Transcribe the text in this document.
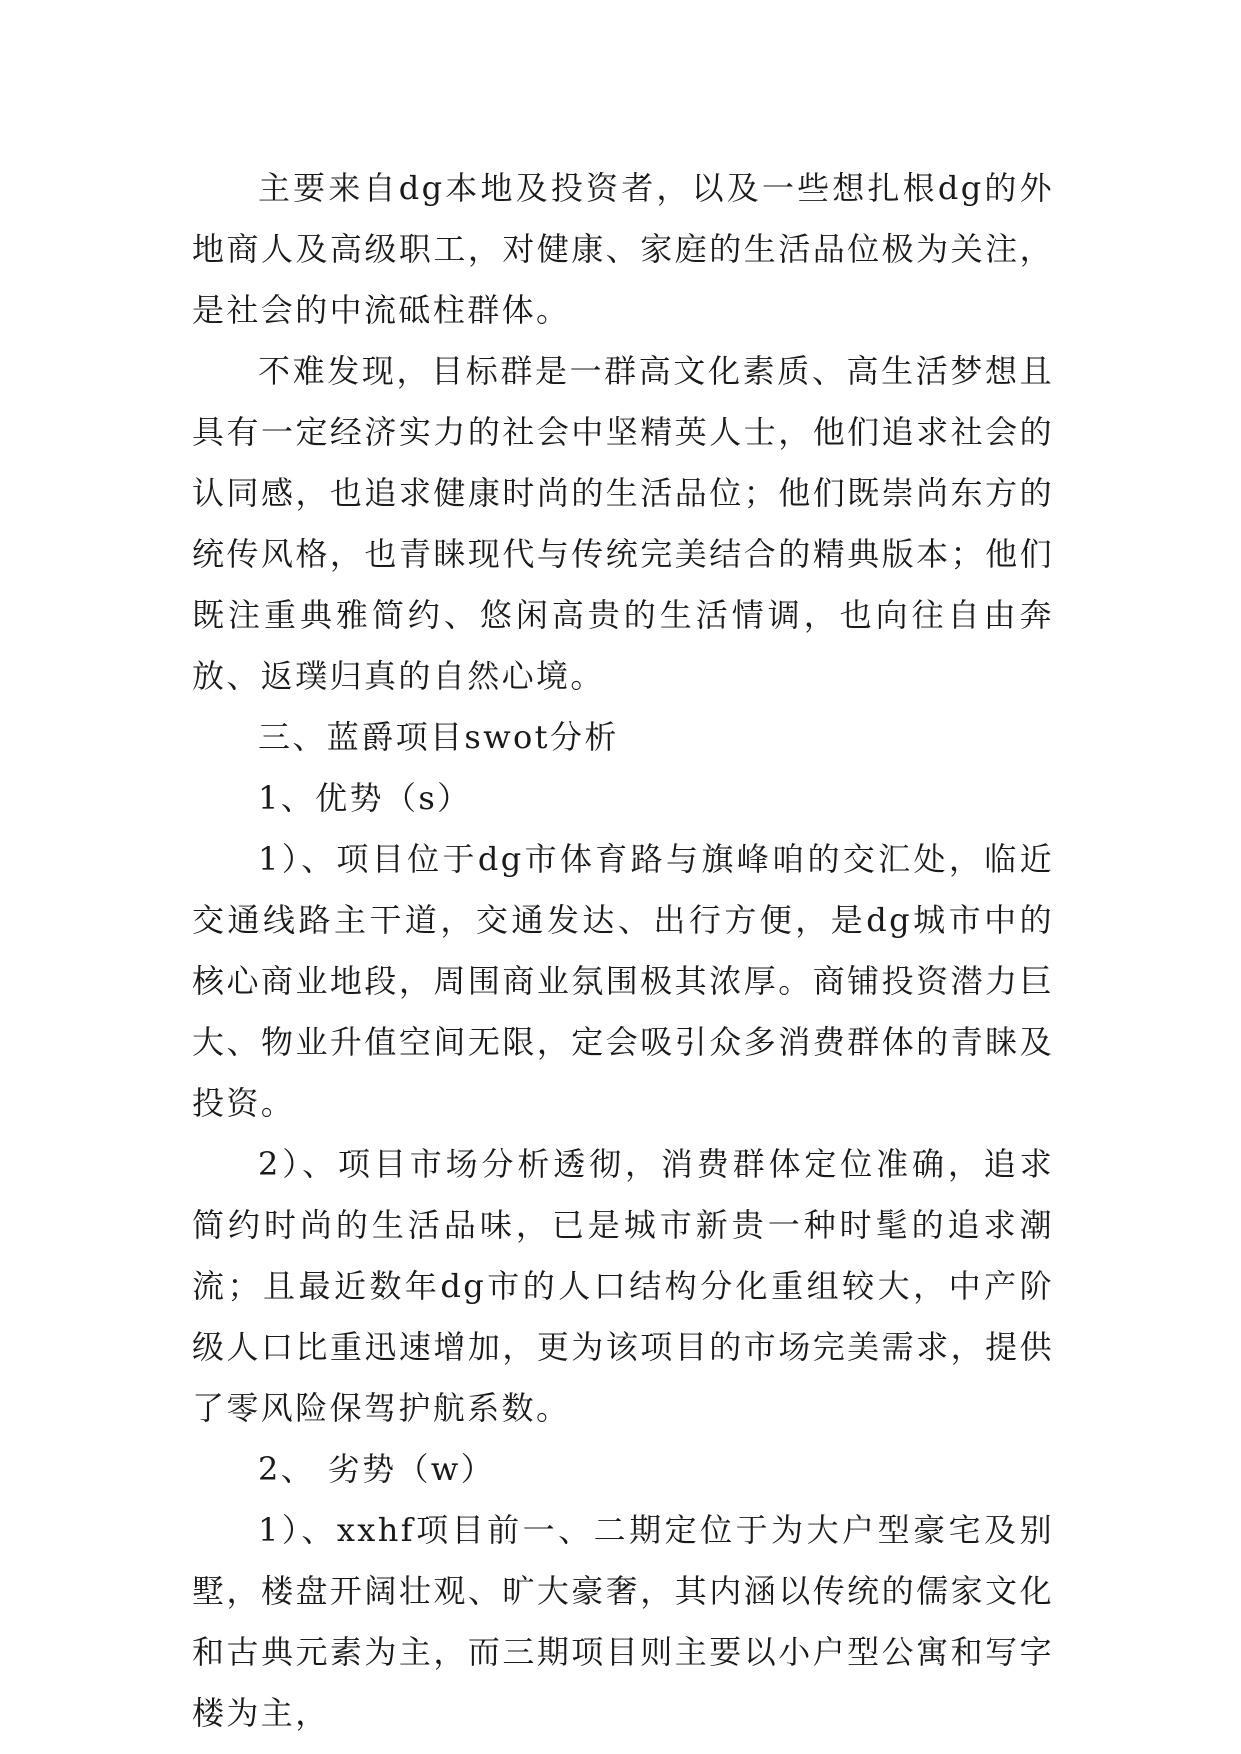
主要来自dg本地及投资者，以及一些想扎根dg的外地商人及高级职工，对健康、家庭的生活品位极为关注，是社会的中流砥柱群体。

不难发现，目标群是一群高文化素质、高生活梦想且具有一定经济实力的社会中坚精英人士，他们追求社会的认同感，也追求健康时尚的生活品位；他们既崇尚东方的统传风格，也青睐现代与传统完美结合的精典版本；他们既注重典雅简约、悠闲高贵的生活情调，也向往自由奔放、返璞归真的自然心境。

三、蓝爵项目swot分析

1、优势（s）

1）、项目位于dg市体育路与旗峰咱的交汇处，临近交通线路主干道，交通发达、出行方便，是dg城市中的核心商业地段，周围商业氛围极其浓厚。商铺投资潜力巨大、物业升值空间无限，定会吸引众多消费群体的青睐及投资。

2）、项目市场分析透彻，消费群体定位准确，追求简约时尚的生活品味，已是城市新贵一种时髦的追求潮流；且最近数年dg市的人口结构分化重组较大，中产阶级人口比重迅速增加，更为该项目的市场完美需求，提供了零风险保驾护航系数。

2、 劣势（w）

1）、xxhf项目前一、二期定位于为大户型豪宅及别墅，楼盘开阔壮观、旷大豪奢，其内涵以传统的儒家文化和古典元素为主，而三期项目则主要以小户型公寓和写字楼为主，
